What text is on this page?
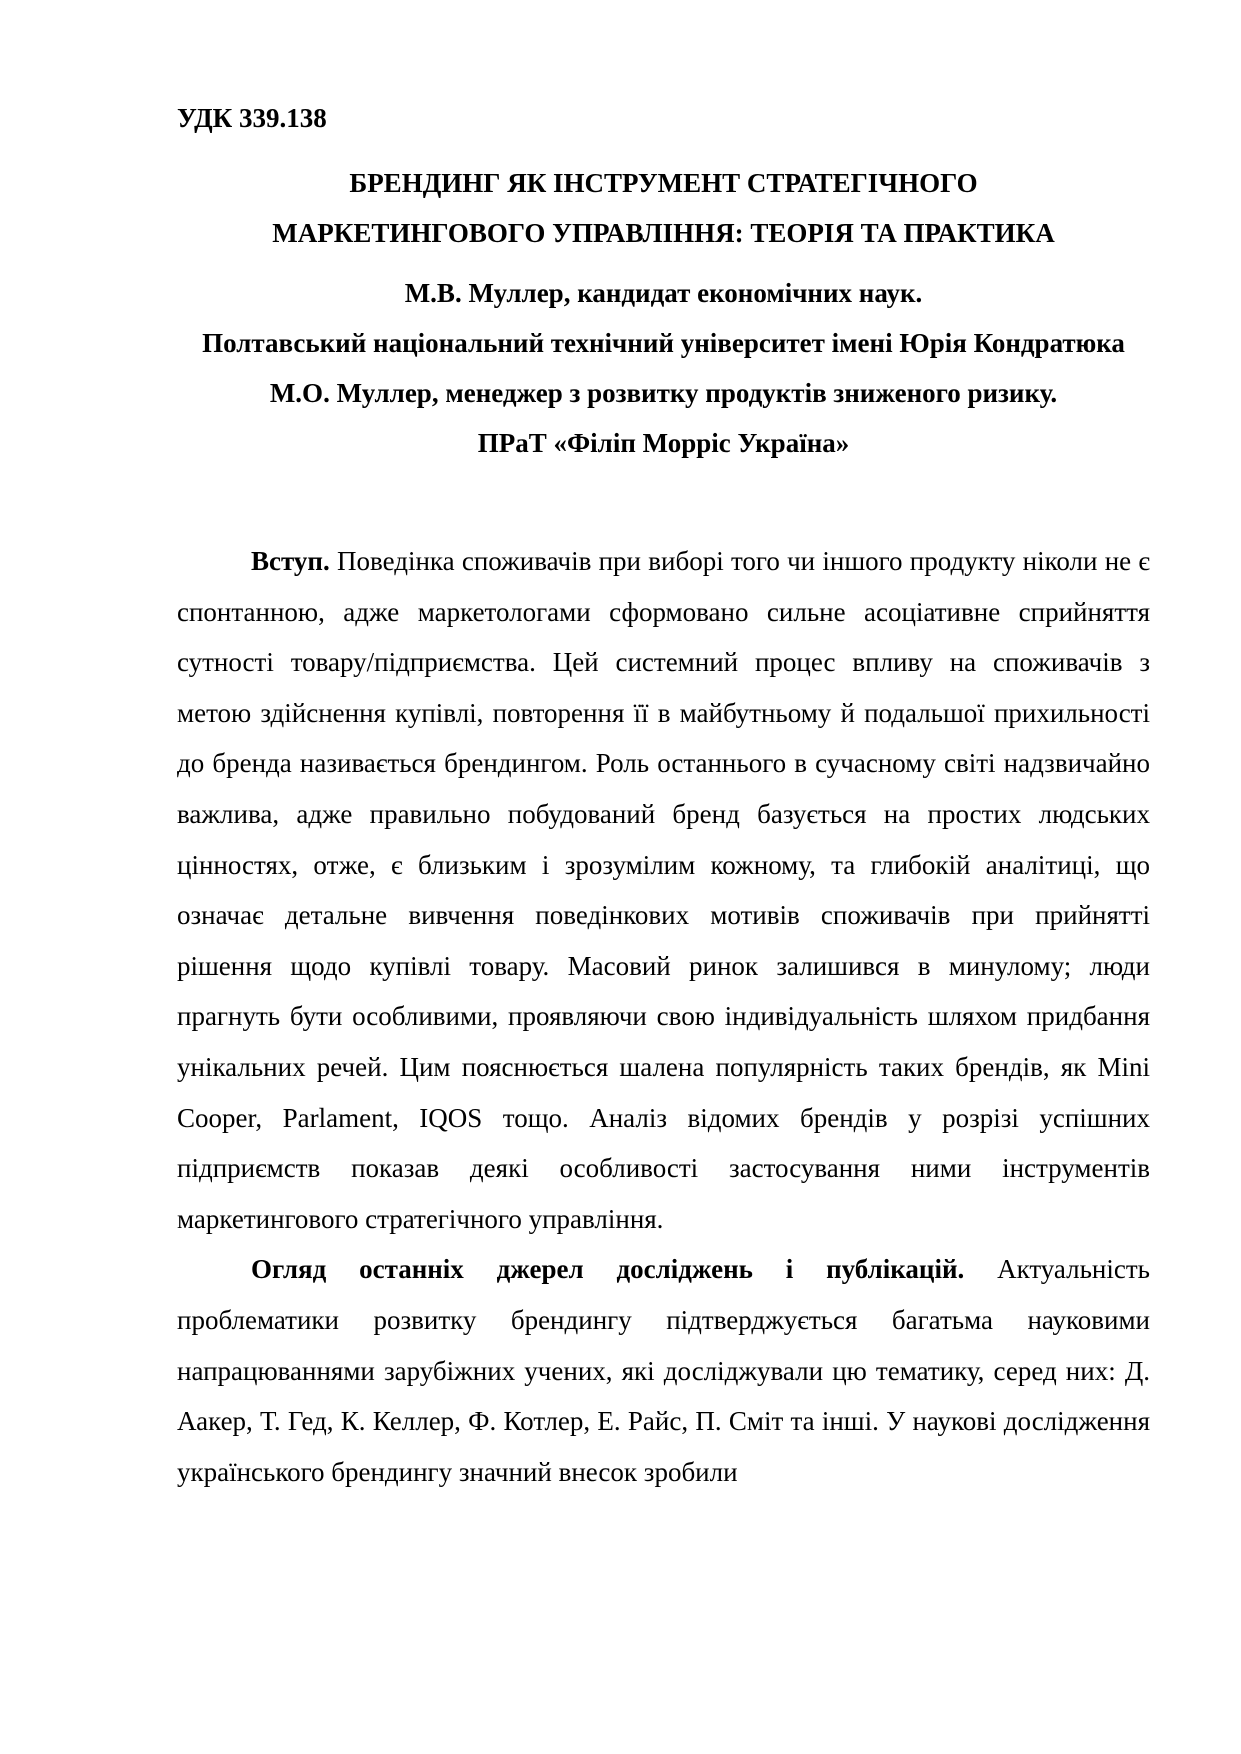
УДК 339.138

БРЕНДИНГ ЯК ІНСТРУМЕНТ СТРАТЕГІЧНОГО
МАРКЕТИНГОВОГО УПРАВЛІННЯ: ТЕОРІЯ ТА ПРАКТИКА
М.В. Муллер, кандидат економічних наук.
Полтавський національний технічний університет імені Юрія Кондратюка
М.О. Муллер, менеджер з розвитку продуктів зниженого ризику.
ПРаТ «Філіп Морріс Україна»

Вступ. Поведінка споживачів при виборі того чи іншого продукту ніколи не є спонтанною, адже маркетологами сформовано сильне асоціативне сприйняття сутності товару/підприємства. Цей системний процес впливу на споживачів з метою здійснення купівлі, повторення її в майбутньому й подальшої прихильності до бренда називається брендингом. Роль останнього в сучасному світі надзвичайно важлива, адже правильно побудований бренд базується на простих людських цінностях, отже, є близьким і зрозумілим кожному, та глибокій аналітиці, що означає детальне вивчення поведінкових мотивів споживачів при прийнятті рішення щодо купівлі товару. Масовий ринок залишився в минулому; люди прагнуть бути особливими, проявляючи свою індивідуальність шляхом придбання унікальних речей. Цим пояснюється шалена популярність таких брендів, як Mini Cooper, Parlament, IQOS тощо. Аналіз відомих брендів у розрізі успішних підприємств показав деякі особливості застосування ними інструментів маркетингового стратегічного управління.

Огляд останніх джерел досліджень і публікацій. Актуальність проблематики розвитку брендингу підтверджується багатьма науковими напрацюваннями зарубіжних учених, які досліджували цю тематику, серед них: Д. Аакер, Т. Гед, К. Келлер, Ф. Котлер, Е. Райс, П. Сміт та інші. У наукові дослідження українського брендингу значний внесок зробили
